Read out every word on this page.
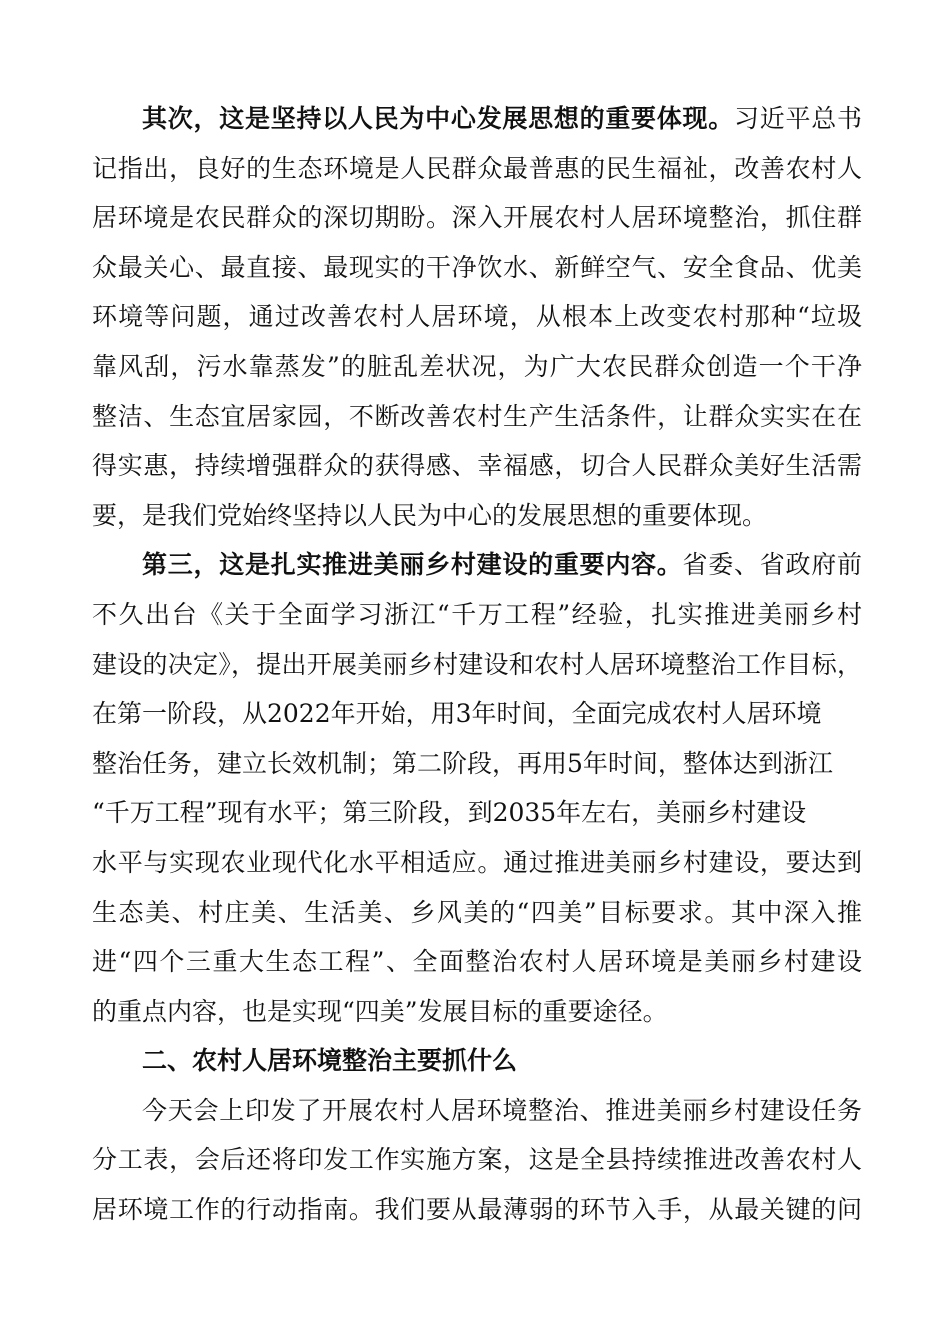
其次，这是坚持以人民为中心发展思想的重要体现。习近平总书
记指出，良好的生态环境是人民群众最普惠的民生福祉，改善农村人
居环境是农民群众的深切期盼。深入开展农村人居环境整治，抓住群
众最关心、最直接、最现实的干净饮水、新鲜空气、安全食品、优美
环境等问题，通过改善农村人居环境，从根本上改变农村那种“垃圾
靠风刮，污水靠蒸发”的脏乱差状况，为广大农民群众创造一个干净
整洁、生态宜居家园，不断改善农村生产生活条件，让群众实实在在
得实惠，持续增强群众的获得感、幸福感，切合人民群众美好生活需
要，是我们党始终坚持以人民为中心的发展思想的重要体现。
第三，这是扎实推进美丽乡村建设的重要内容。省委、省政府前
不久出台《关于全面学习浙江“千万工程”经验，扎实推进美丽乡村
建设的决定》，提出开展美丽乡村建设和农村人居环境整治工作目标，
在第一阶段，从2022年开始，用3年时间，全面完成农村人居环境
整治任务，建立长效机制；第二阶段，再用5年时间，整体达到浙江
“千万工程”现有水平；第三阶段，到2035年左右，美丽乡村建设
水平与实现农业现代化水平相适应。通过推进美丽乡村建设，要达到
生态美、村庄美、生活美、乡风美的“四美”目标要求。其中深入推
进“四个三重大生态工程”、全面整治农村人居环境是美丽乡村建设
的重点内容，也是实现“四美”发展目标的重要途径。
二、农村人居环境整治主要抓什么
今天会上印发了开展农村人居环境整治、推进美丽乡村建设任务
分工表，会后还将印发工作实施方案，这是全县持续推进改善农村人
居环境工作的行动指南。我们要从最薄弱的环节入手，从最关键的问
